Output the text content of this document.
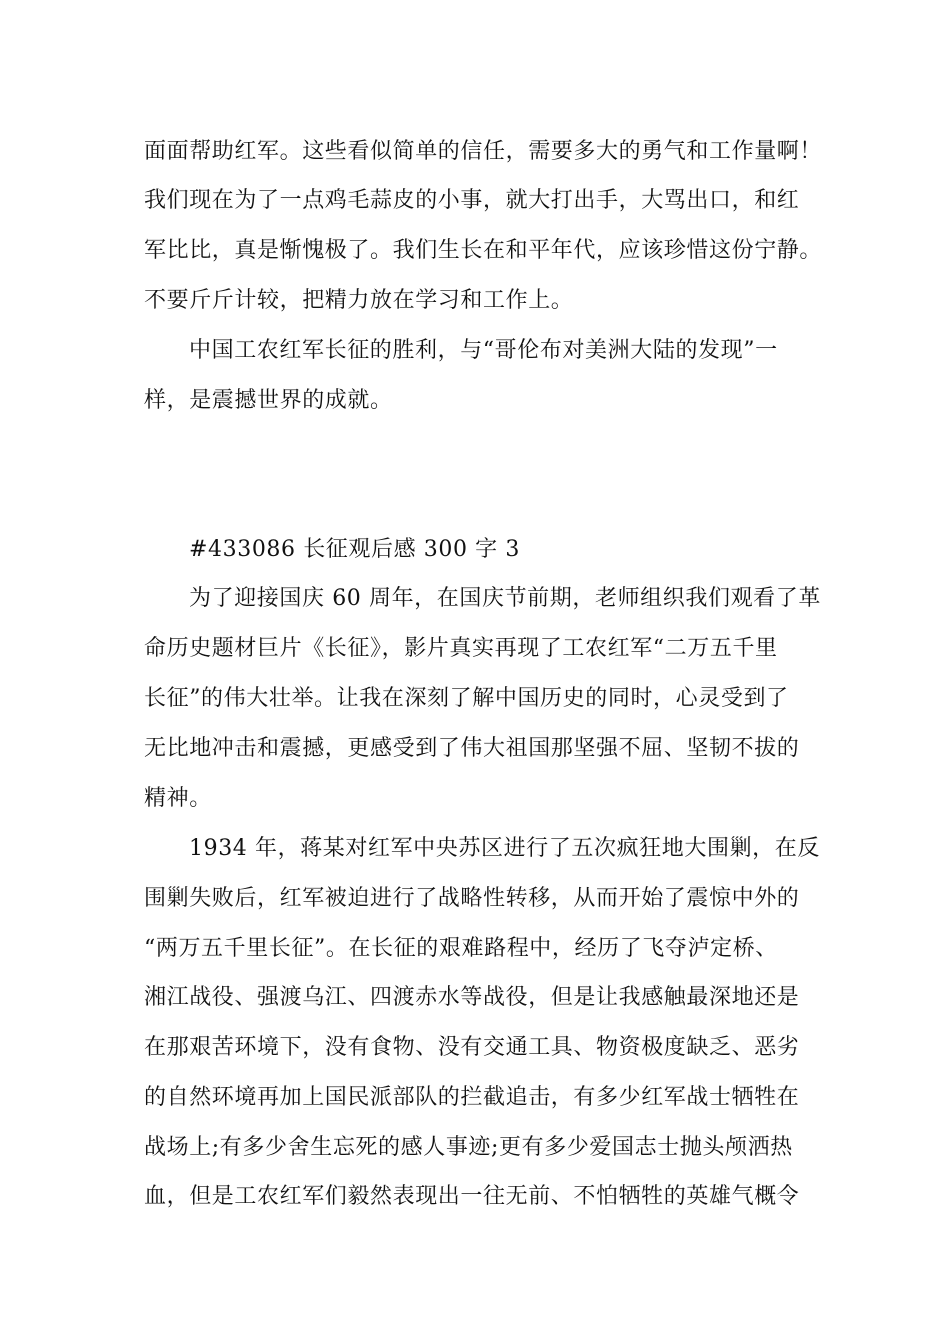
面面帮助红军。这些看似简单的信任，需要多大的勇气和工作量啊！
我们现在为了一点鸡毛蒜皮的小事，就大打出手，大骂出口，和红
军比比，真是惭愧极了。我们生长在和平年代，应该珍惜这份宁静。
不要斤斤计较，把精力放在学习和工作上。
中国工农红军长征的胜利，与“哥伦布对美洲大陆的发现”一
样，是震撼世界的成就。
#433086 长征观后感 300 字 3
为了迎接国庆 60 周年，在国庆节前期，老师组织我们观看了革
命历史题材巨片《长征》，影片真实再现了工农红军“二万五千里
长征”的伟大壮举。让我在深刻了解中国历史的同时，心灵受到了
无比地冲击和震撼，更感受到了伟大祖国那坚强不屈、坚韧不拔的
精神。
1934 年，蒋某对红军中央苏区进行了五次疯狂地大围剿，在反
围剿失败后，红军被迫进行了战略性转移，从而开始了震惊中外的
“两万五千里长征”。在长征的艰难路程中，经历了飞夺泸定桥、
湘江战役、强渡乌江、四渡赤水等战役，但是让我感触最深地还是
在那艰苦环境下，没有食物、没有交通工具、物资极度缺乏、恶劣
的自然环境再加上国民派部队的拦截追击，有多少红军战士牺牲在
战场上;有多少舍生忘死的感人事迹;更有多少爱国志士抛头颅洒热
血，但是工农红军们毅然表现出一往无前、不怕牺牲的英雄气概令
